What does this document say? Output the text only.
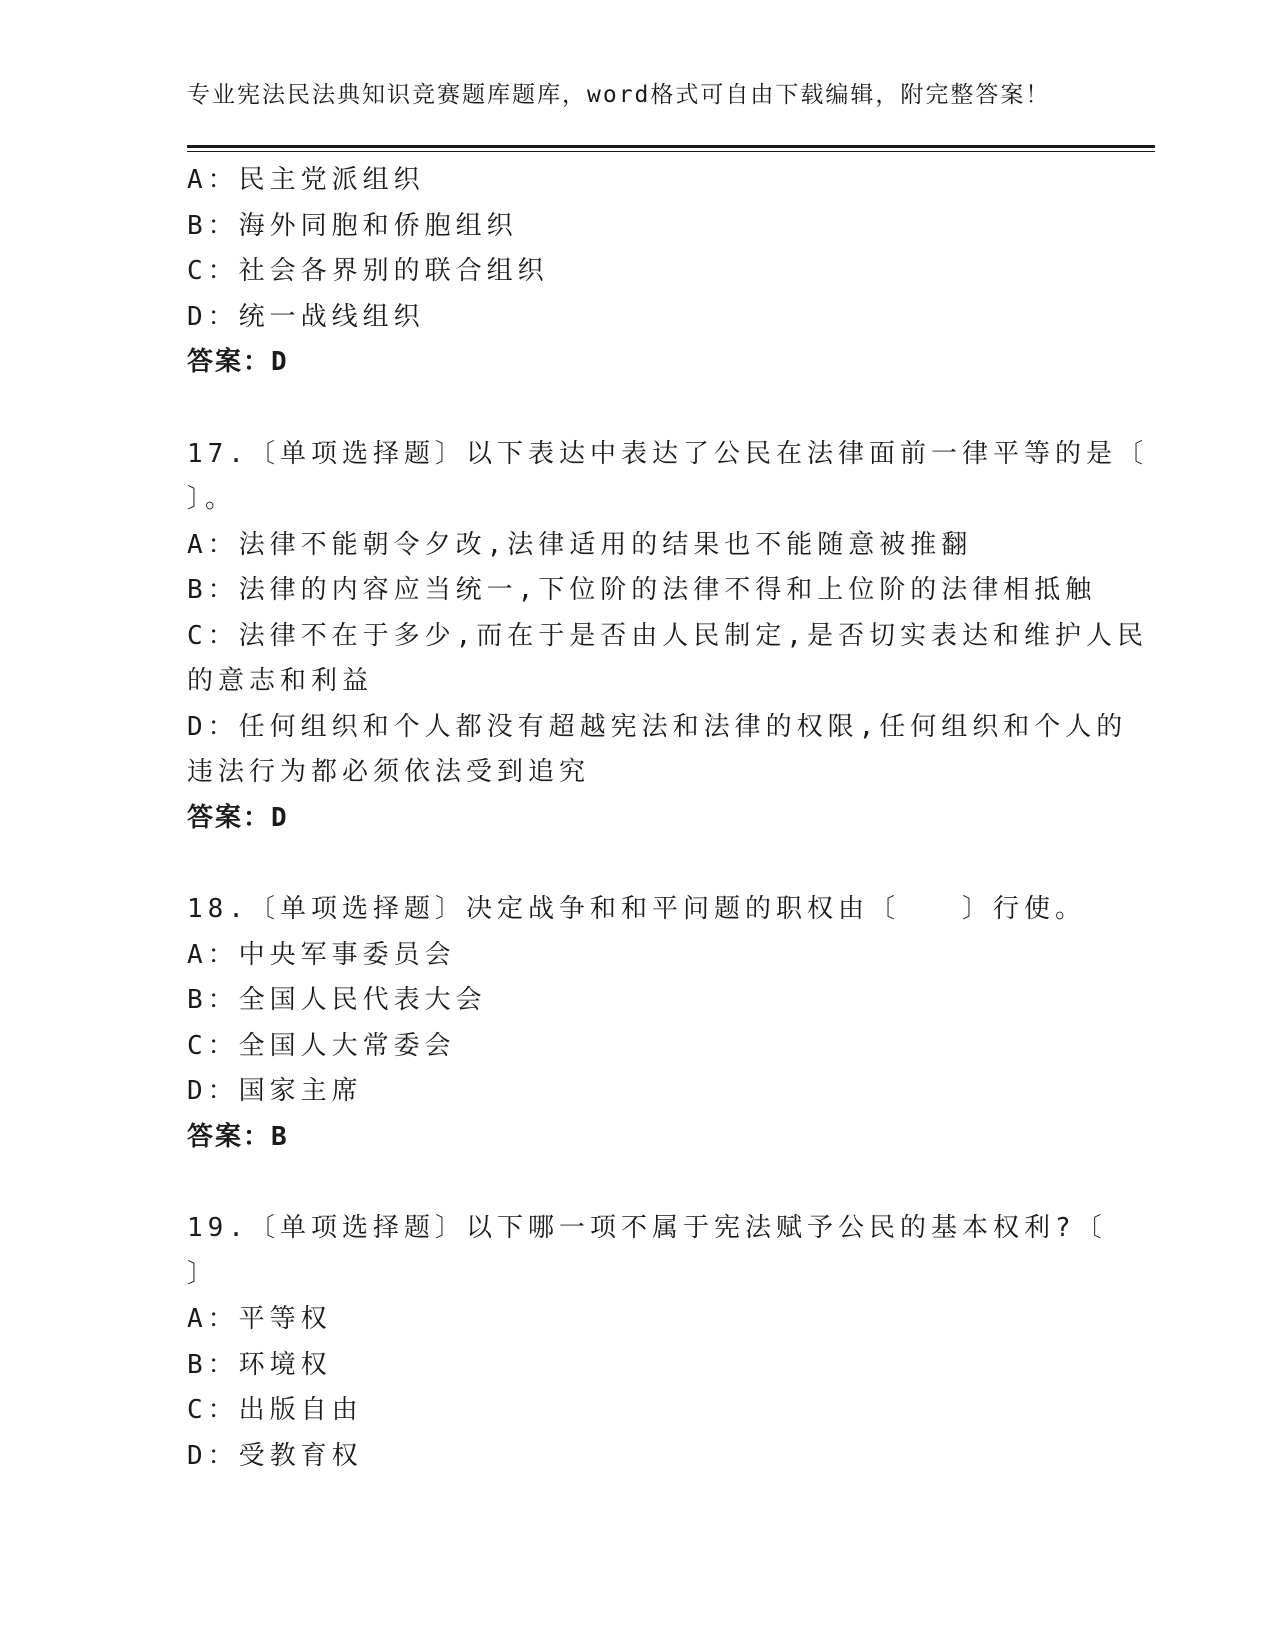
专业宪法民法典知识竞赛题库题库，word格式可自由下载编辑，附完整答案！
A：民主党派组织
B：海外同胞和侨胞组织
C：社会各界别的联合组织
D：统一战线组织
答案：D
17.〔单项选择题〕以下表达中表达了公民在法律面前一律平等的是〔
〕。
A：法律不能朝令夕改,法律适用的结果也不能随意被推翻
B：法律的内容应当统一,下位阶的法律不得和上位阶的法律相抵触
C：法律不在于多少,而在于是否由人民制定,是否切实表达和维护人民
的意志和利益
D：任何组织和个人都没有超越宪法和法律的权限,任何组织和个人的
违法行为都必须依法受到追究
答案：D
18.〔单项选择题〕决定战争和和平问题的职权由〔　　〕行使。
A：中央军事委员会
B：全国人民代表大会
C：全国人大常委会
D：国家主席
答案：B
19.〔单项选择题〕以下哪一项不属于宪法赋予公民的基本权利?〔
〕
A：平等权
B：环境权
C：出版自由
D：受教育权
